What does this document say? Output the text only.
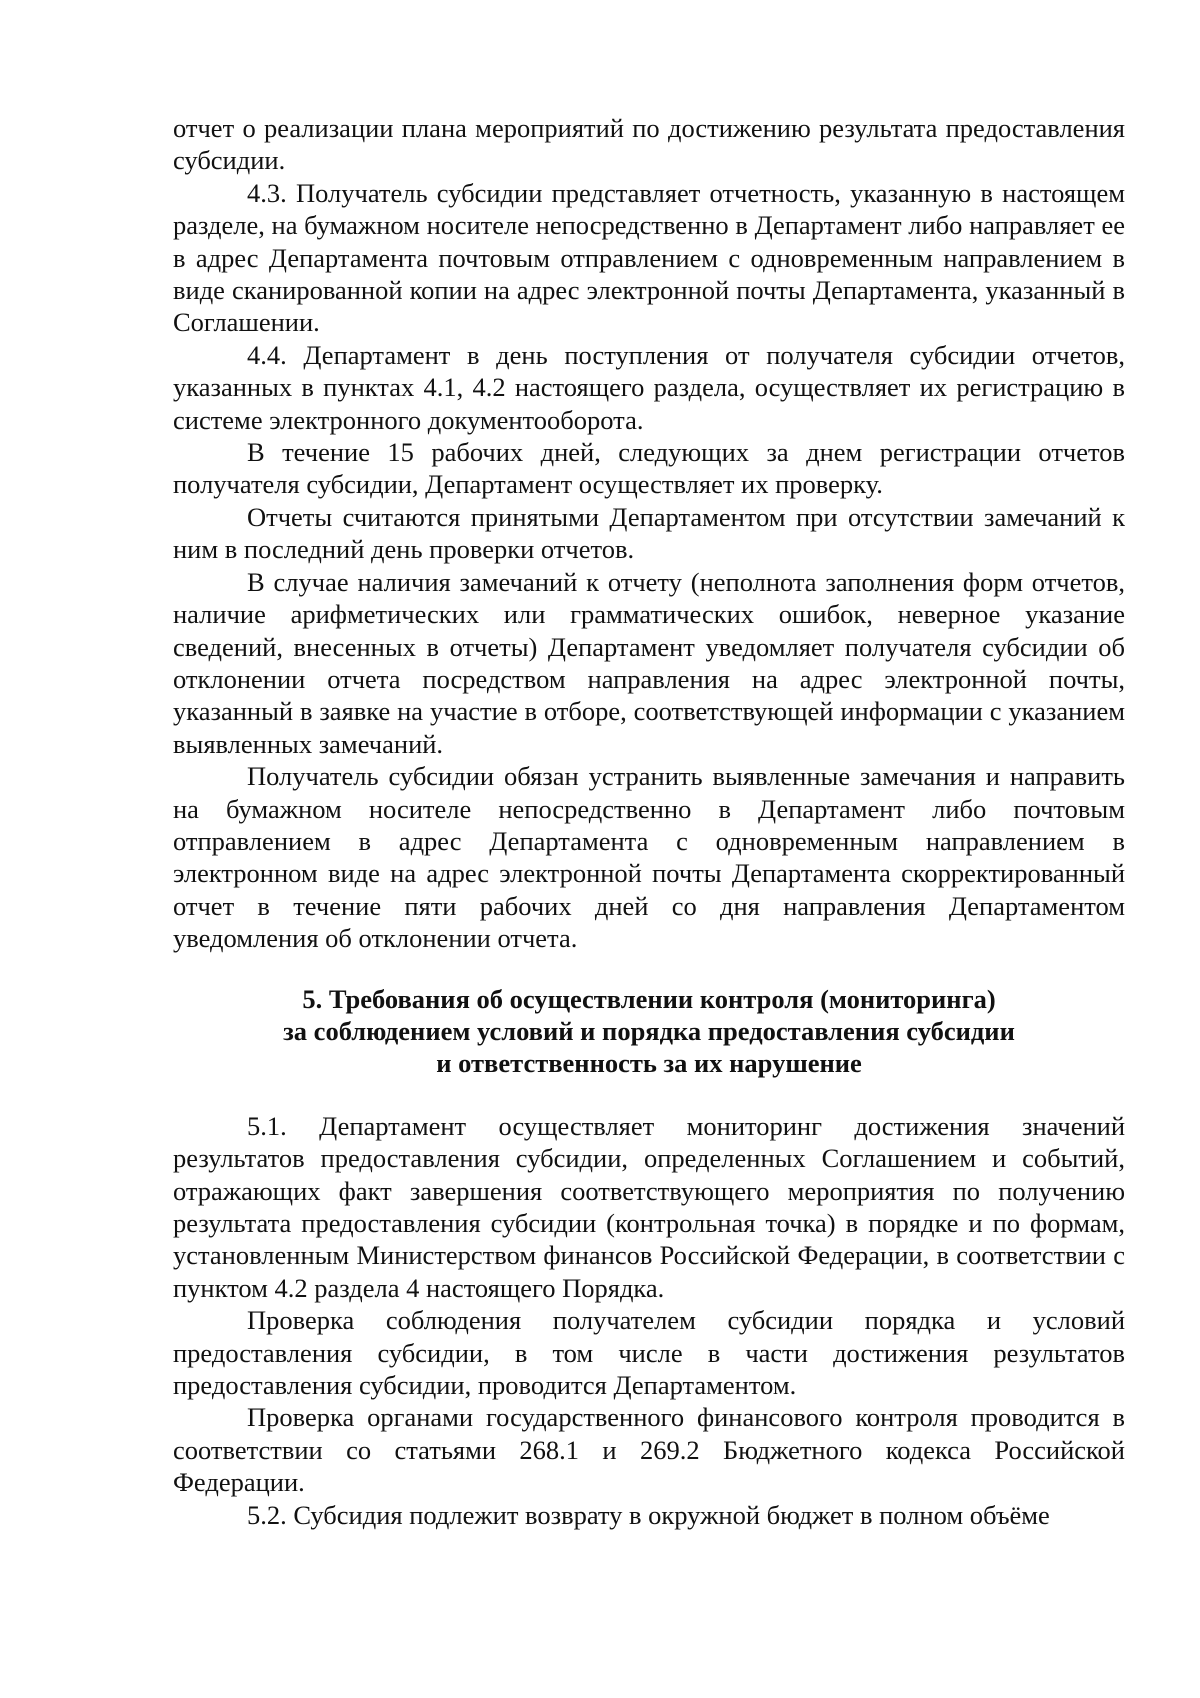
отчет о реализации плана мероприятий по достижению результата предоставления субсидии.

4.3. Получатель субсидии представляет отчетность, указанную в настоящем разделе, на бумажном носителе непосредственно в Департамент либо направляет ее в адрес Департамента почтовым отправлением с одновременным направлением в виде сканированной копии на адрес электронной почты Департамента, указанный в Соглашении.

4.4. Департамент в день поступления от получателя субсидии отчетов, указанных в пунктах 4.1, 4.2 настоящего раздела, осуществляет их регистрацию в системе электронного документооборота.

В течение 15 рабочих дней, следующих за днем регистрации отчетов получателя субсидии, Департамент осуществляет их проверку.

Отчеты считаются принятыми Департаментом при отсутствии замечаний к ним в последний день проверки отчетов.

В случае наличия замечаний к отчету (неполнота заполнения форм отчетов, наличие арифметических или грамматических ошибок, неверное указание сведений, внесенных в отчеты) Департамент уведомляет получателя субсидии об отклонении отчета посредством направления на адрес электронной почты, указанный в заявке на участие в отборе, соответствующей информации с указанием выявленных замечаний.

Получатель субсидии обязан устранить выявленные замечания и направить на бумажном носителе непосредственно в Департамент либо почтовым отправлением в адрес Департамента с одновременным направлением в электронном виде на адрес электронной почты Департамента скорректированный отчет в течение пяти рабочих дней со дня направления Департаментом уведомления об отклонении отчета.

5. Требования об осуществлении контроля (мониторинга)
за соблюдением условий и порядка предоставления субсидии
и ответственность за их нарушение

5.1. Департамент осуществляет мониторинг достижения значений результатов предоставления субсидии, определенных Соглашением и событий, отражающих факт завершения соответствующего мероприятия по получению результата предоставления субсидии (контрольная точка) в порядке и по формам, установленным Министерством финансов Российской Федерации, в соответствии с пунктом 4.2 раздела 4 настоящего Порядка.

Проверка соблюдения получателем субсидии порядка и условий предоставления субсидии, в том числе в части достижения результатов предоставления субсидии, проводится Департаментом.

Проверка органами государственного финансового контроля проводится в соответствии со статьями 268.1 и 269.2 Бюджетного кодекса Российской Федерации.

5.2. Субсидия подлежит возврату в окружной бюджет в полном объёме
